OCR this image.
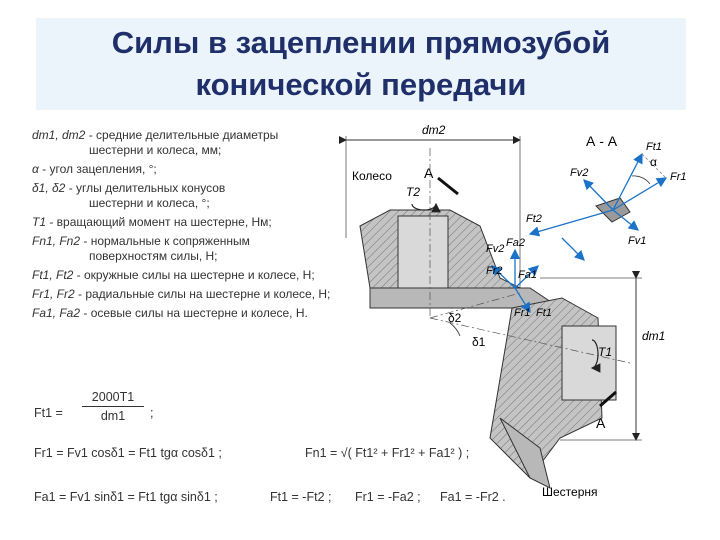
Силы в зацеплении прямозубой
конической передачи
dm1, dm2 - средние делительные диаметры
шестерни и колеса, мм;
α - угол зацепления, °;
δ1, δ2 - углы делительных конусов
шестерни и колеса, °;
T1 - вращающий момент на шестерне, Нм;
Fn1, Fn2 - нормальные к сопряженным
поверхностям силы, Н;
Ft1, Ft2 - окружные силы на шестерне и колесе, Н;
Fr1, Fr2 - радиальные силы на шестерне и колесе, Н;
Fa1, Fa2 - осевые силы на шестерне и колесе, Н.
Ft1 =
2000T1
dm1	;
Fr1 = Fv1 cosδ1 = Ft1 tgα cosδ1 ;	Fn1 = √( Ft1² + Fr1² + Fa1² ) ;
Fa1 = Fv1 sinδ1 = Ft1 tgα sinδ1 ;	Ft1 = -Ft2 ; Fr1 = -Fa2 ; Fa1 = -Fr2 .
dm2
Колесо А
T2
δ2
δ1
T1
А
Шестерня
dm1
А - А	Ft1
Fr1
Fv2
Fv1
Ft2
α
Fv2
Fr2
Fa2
Fa1
Fr1 Ft1
